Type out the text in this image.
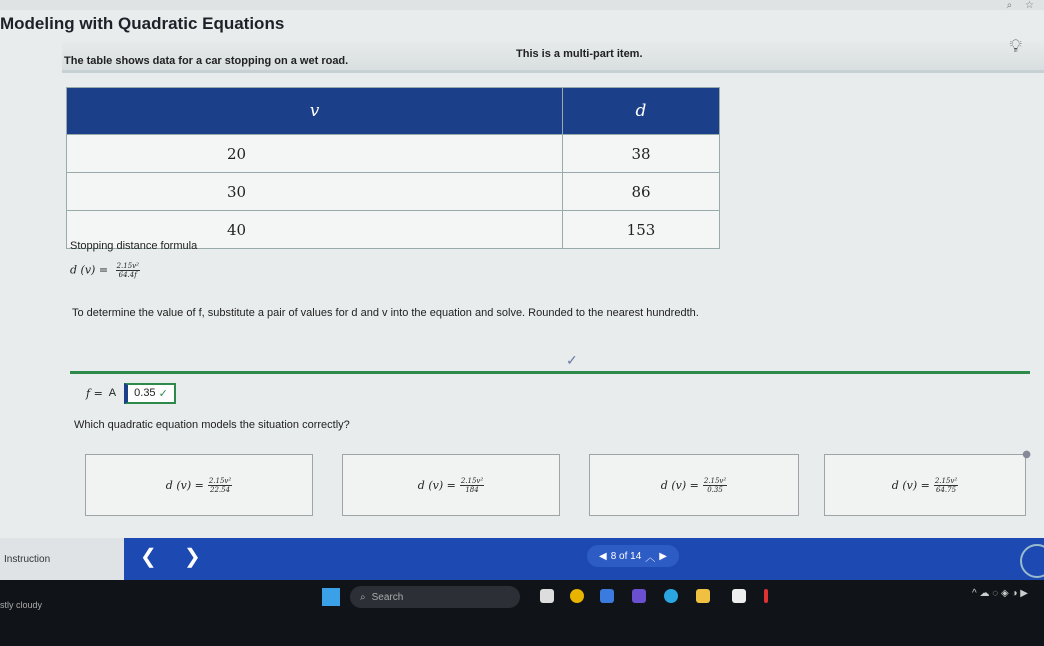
⌕ ☆
Modeling with Quadratic Equations
The table shows data for a car stopping on a wet road.
This is a multi-part item.	💡︎
v	d
20	38
30	86
40	153
Stopping distance formula
d $(v) = \frac{\text{2.15v²}}{64.4f}$
To determine the value of f, substitute a pair of values for d and v into the equation and solve. Rounded to the nearest hundredth.
✓
f = A 0.35 ✓
Which quadratic equation models the situation correctly?
d $(v) = \frac{\text{2.15v²}}{22.54}$	d $(v) = \frac{\text{2.15v²}}{184}$	d $(v) = \frac{\text{2.15v²}}{0.35}$
●
d $(v) = \frac{\text{2.15v²}}{64.75}$
Instruction	❮ ❯	◀ 8 of 14 ︿ ▶
stly cloudy
⌕ Search	^ ☁ ◌ ◈ ◑ ▶
